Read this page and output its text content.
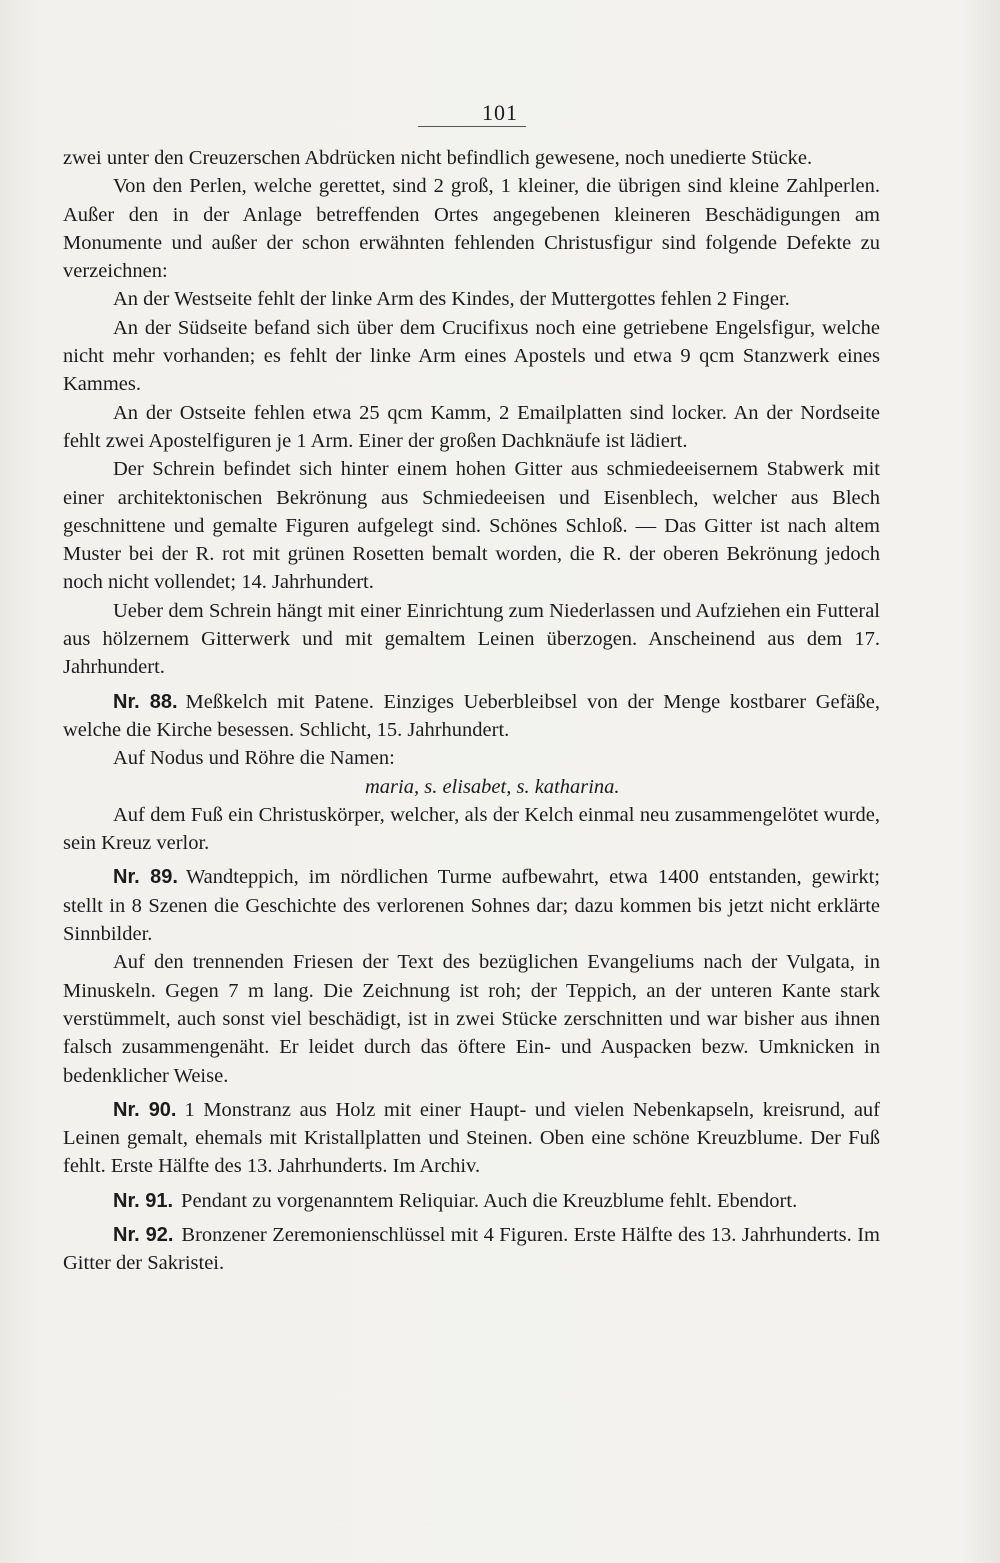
101

zwei unter den Creuzerschen Abdrücken nicht befindlich gewesene, noch unedierte Stücke.

Von den Perlen, welche gerettet, sind 2 groß, 1 kleiner, die übrigen sind kleine Zahlperlen. Außer den in der Anlage betreffenden Ortes angegebenen kleineren Beschädigungen am Monumente und außer der schon erwähnten fehlenden Christusfigur sind folgende Defekte zu verzeichnen:

An der Westseite fehlt der linke Arm des Kindes, der Muttergottes fehlen 2 Finger.

An der Südseite befand sich über dem Crucifixus noch eine getriebene Engelsfigur, welche nicht mehr vorhanden; es fehlt der linke Arm eines Apostels und etwa 9 qcm Stanzwerk eines Kammes.

An der Ostseite fehlen etwa 25 qcm Kamm, 2 Emailplatten sind locker. An der Nordseite fehlt zwei Apostelfiguren je 1 Arm. Einer der großen Dachknäufe ist lädiert.

Der Schrein befindet sich hinter einem hohen Gitter aus schmiedeeisernem Stabwerk mit einer architektonischen Bekrönung aus Schmiedeeisen und Eisenblech, welcher aus Blech geschnittene und gemalte Figuren aufgelegt sind. Schönes Schloß. — Das Gitter ist nach altem Muster bei der R. rot mit grünen Rosetten bemalt worden, die R. der oberen Bekrönung jedoch noch nicht vollendet; 14. Jahrhundert.

Ueber dem Schrein hängt mit einer Einrichtung zum Niederlassen und Aufziehen ein Futteral aus hölzernem Gitterwerk und mit gemaltem Leinen überzogen. Anscheinend aus dem 17. Jahrhundert.

Nr. 88. Meßkelch mit Patene. Einziges Ueberbleibsel von der Menge kostbarer Gefäße, welche die Kirche besessen. Schlicht, 15. Jahrhundert.

Auf Nodus und Röhre die Namen:

maria, s. elisabet, s. katharina.

Auf dem Fuß ein Christuskörper, welcher, als der Kelch einmal neu zusammengelötet wurde, sein Kreuz verlor.

Nr. 89. Wandteppich, im nördlichen Turme aufbewahrt, etwa 1400 entstanden, gewirkt; stellt in 8 Szenen die Geschichte des verlorenen Sohnes dar; dazu kommen bis jetzt nicht erklärte Sinnbilder.

Auf den trennenden Friesen der Text des bezüglichen Evangeliums nach der Vulgata, in Minuskeln. Gegen 7 m lang. Die Zeichnung ist roh; der Teppich, an der unteren Kante stark verstümmelt, auch sonst viel beschädigt, ist in zwei Stücke zerschnitten und war bisher aus ihnen falsch zusammengenäht. Er leidet durch das öftere Ein- und Auspacken bezw. Umknicken in bedenklicher Weise.

Nr. 90. 1 Monstranz aus Holz mit einer Haupt- und vielen Nebenkapseln, kreisrund, auf Leinen gemalt, ehemals mit Kristallplatten und Steinen. Oben eine schöne Kreuzblume. Der Fuß fehlt. Erste Hälfte des 13. Jahrhunderts. Im Archiv.

Nr. 91. Pendant zu vorgenanntem Reliquiar. Auch die Kreuzblume fehlt. Ebendort.

Nr. 92. Bronzener Zeremonienschlüssel mit 4 Figuren. Erste Hälfte des 13. Jahrhunderts. Im Gitter der Sakristei.
